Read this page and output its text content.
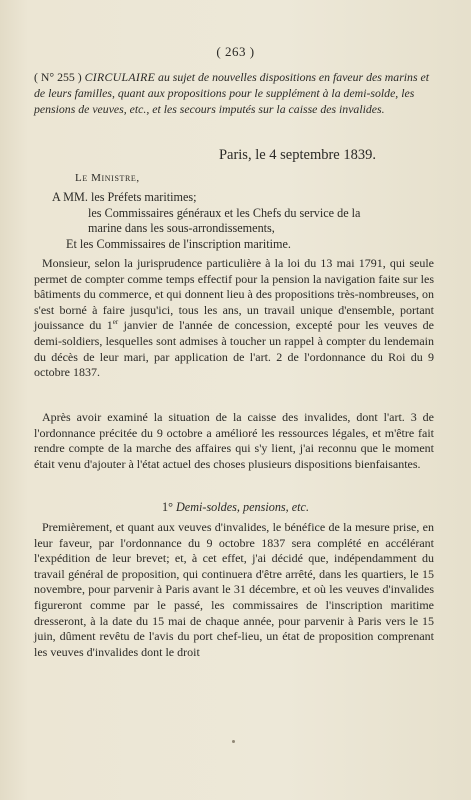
( 263 )
( N° 255 ) CIRCULAIRE au sujet de nouvelles dispositions en faveur des marins et de leurs familles, quant aux propositions pour le supplément à la demi-solde, les pensions de veuves, etc., et les secours imputés sur la caisse des invalides.
Paris, le 4 septembre 1839.
Le Ministre,
A MM. les Préfets maritimes;
les Commissaires généraux et les Chefs du service de la marine dans les sous-arrondissements,
Et les Commissaires de l'inscription maritime.
Monsieur, selon la jurisprudence particulière à la loi du 13 mai 1791, qui seule permet de compter comme temps effectif pour la pension la navigation faite sur les bâtiments du commerce, et qui donnent lieu à des propositions très-nombreuses, on s'est borné à faire jusqu'ici, tous les ans, un travail unique d'ensemble, portant jouissance du 1er janvier de l'année de concession, excepté pour les veuves de demi-soldiers, lesquelles sont admises à toucher un rappel à compter du lendemain du décès de leur mari, par application de l'art. 2 de l'ordonnance du Roi du 9 octobre 1837.
Après avoir examiné la situation de la caisse des invalides, dont l'art. 3 de l'ordonnance précitée du 9 octobre a amélioré les ressources légales, et m'être fait rendre compte de la marche des affaires qui s'y lient, j'ai reconnu que le moment était venu d'ajouter à l'état actuel des choses plusieurs dispositions bienfaisantes.
1° Demi-soldes, pensions, etc.
Premièrement, et quant aux veuves d'invalides, le bénéfice de la mesure prise, en leur faveur, par l'ordonnance du 9 octobre 1837 sera complété en accélérant l'expédition de leur brevet; et, à cet effet, j'ai décidé que, indépendamment du travail général de proposition, qui continuera d'être arrêté, dans les quartiers, le 15 novembre, pour parvenir à Paris avant le 31 décembre, et où les veuves d'invalides figureront comme par le passé, les commissaires de l'inscription maritime dresseront, à la date du 15 mai de chaque année, pour parvenir à Paris vers le 15 juin, dûment revêtu de l'avis du port chef-lieu, un état de proposition comprenant les veuves d'invalides dont le droit
